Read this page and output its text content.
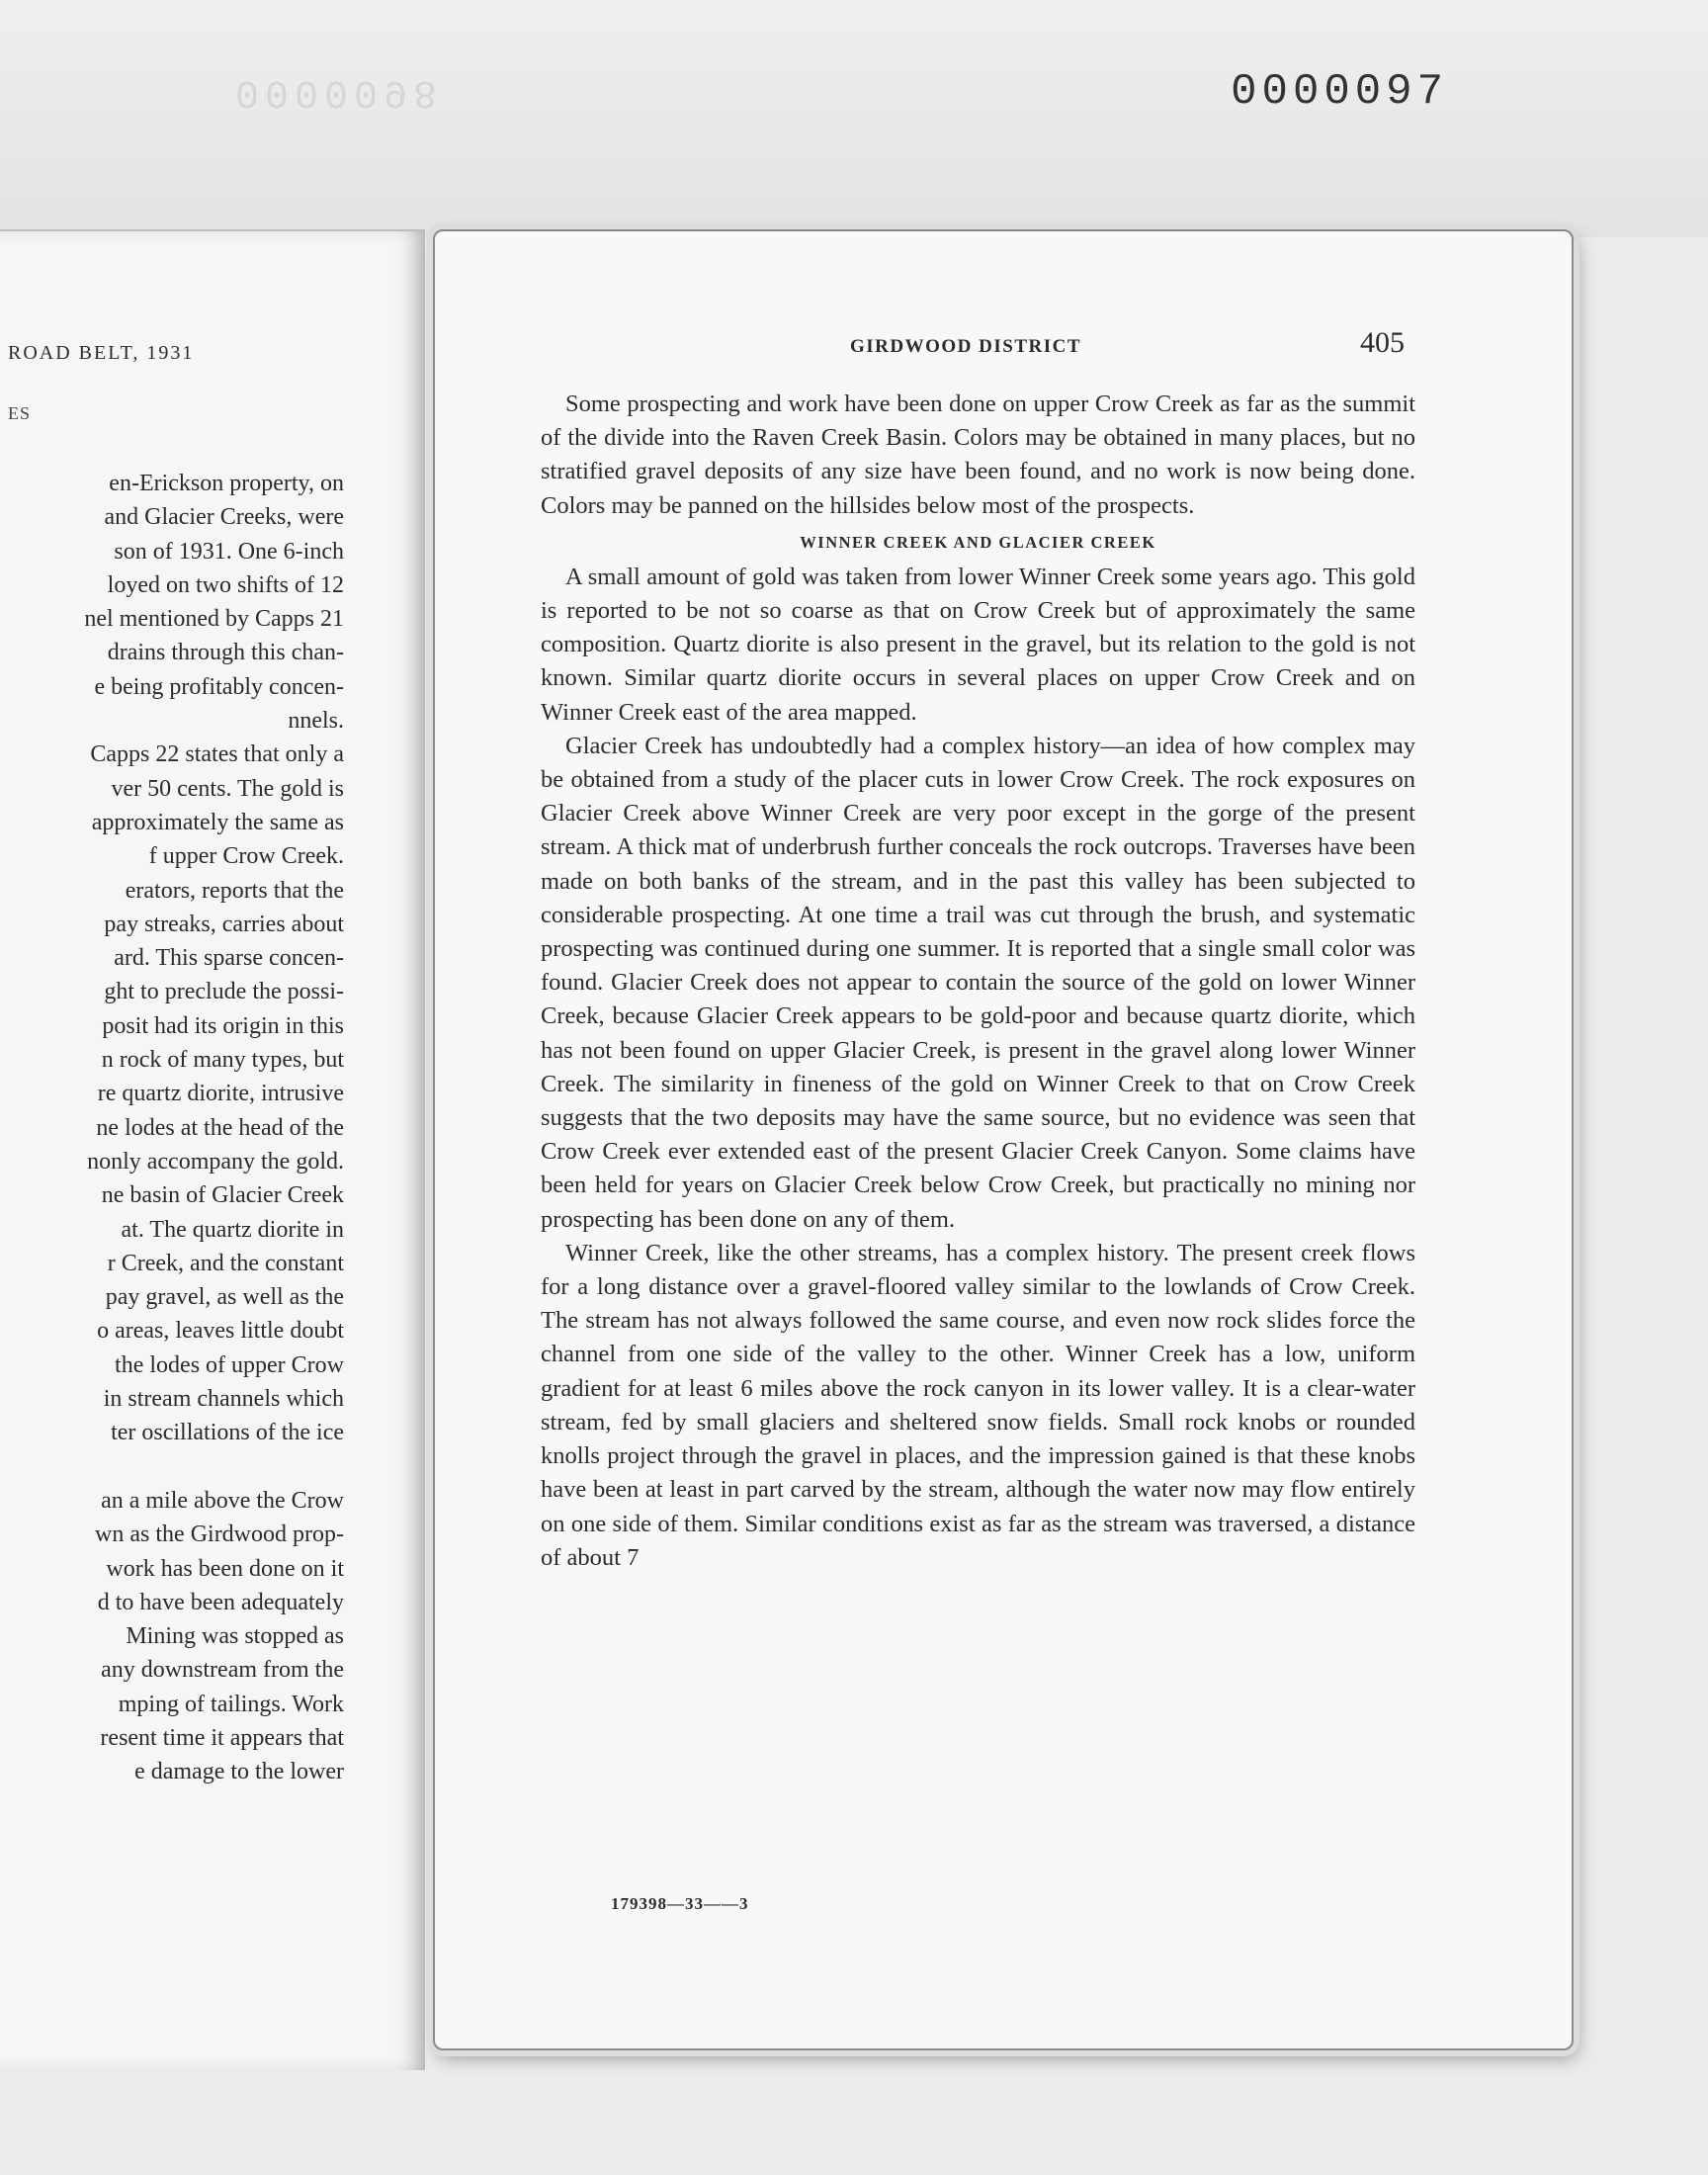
0000098	0000097
ROAD BELT, 1931
ES
en-Erickson property, on
and Glacier Creeks, were
son of 1931. One 6-inch
loyed on two shifts of 12
nel mentioned by Capps 21
drains through this chan-
e being profitably concen-
nnels.
Capps 22 states that only a
ver 50 cents. The gold is
approximately the same as
f upper Crow Creek.
erators, reports that the
pay streaks, carries about
ard. This sparse concen-
ght to preclude the possi-
posit had its origin in this
n rock of many types, but
re quartz diorite, intrusive
ne lodes at the head of the
nonly accompany the gold.
ne basin of Glacier Creek
at. The quartz diorite in
r Creek, and the constant
pay gravel, as well as the
o areas, leaves little doubt
the lodes of upper Crow
in stream channels which
ter oscillations of the ice
an a mile above the Crow
wn as the Girdwood prop-
work has been done on it
d to have been adequately
Mining was stopped as
any downstream from the
mping of tailings. Work
resent time it appears that
e damage to the lower
GIRDWOOD DISTRICT	405

Some prospecting and work have been done on upper Crow Creek as far as the summit of the divide into the Raven Creek Basin. Colors may be obtained in many places, but no stratified gravel deposits of any size have been found, and no work is now being done. Colors may be panned on the hillsides below most of the prospects.

WINNER CREEK AND GLACIER CREEK

A small amount of gold was taken from lower Winner Creek some years ago. This gold is reported to be not so coarse as that on Crow Creek but of approximately the same composition. Quartz diorite is also present in the gravel, but its relation to the gold is not known. Similar quartz diorite occurs in several places on upper Crow Creek and on Winner Creek east of the area mapped.

Glacier Creek has undoubtedly had a complex history—an idea of how complex may be obtained from a study of the placer cuts in lower Crow Creek. The rock exposures on Glacier Creek above Winner Creek are very poor except in the gorge of the present stream. A thick mat of underbrush further conceals the rock outcrops. Traverses have been made on both banks of the stream, and in the past this valley has been subjected to considerable prospecting. At one time a trail was cut through the brush, and systematic prospecting was continued during one summer. It is reported that a single small color was found. Glacier Creek does not appear to contain the source of the gold on lower Winner Creek, because Glacier Creek appears to be gold-poor and because quartz diorite, which has not been found on upper Glacier Creek, is present in the gravel along lower Winner Creek. The similarity in fineness of the gold on Winner Creek to that on Crow Creek suggests that the two deposits may have the same source, but no evidence was seen that Crow Creek ever extended east of the present Glacier Creek Canyon. Some claims have been held for years on Glacier Creek below Crow Creek, but practically no mining nor prospecting has been done on any of them.

Winner Creek, like the other streams, has a complex history. The present creek flows for a long distance over a gravel-floored valley similar to the lowlands of Crow Creek. The stream has not always followed the same course, and even now rock slides force the channel from one side of the valley to the other. Winner Creek has a low, uniform gradient for at least 6 miles above the rock canyon in its lower valley. It is a clear-water stream, fed by small glaciers and sheltered snow fields. Small rock knobs or rounded knolls project through the gravel in places, and the impression gained is that these knobs have been at least in part carved by the stream, although the water now may flow entirely on one side of them. Similar conditions exist as far as the stream was traversed, a distance of about 7

179398—33——3
